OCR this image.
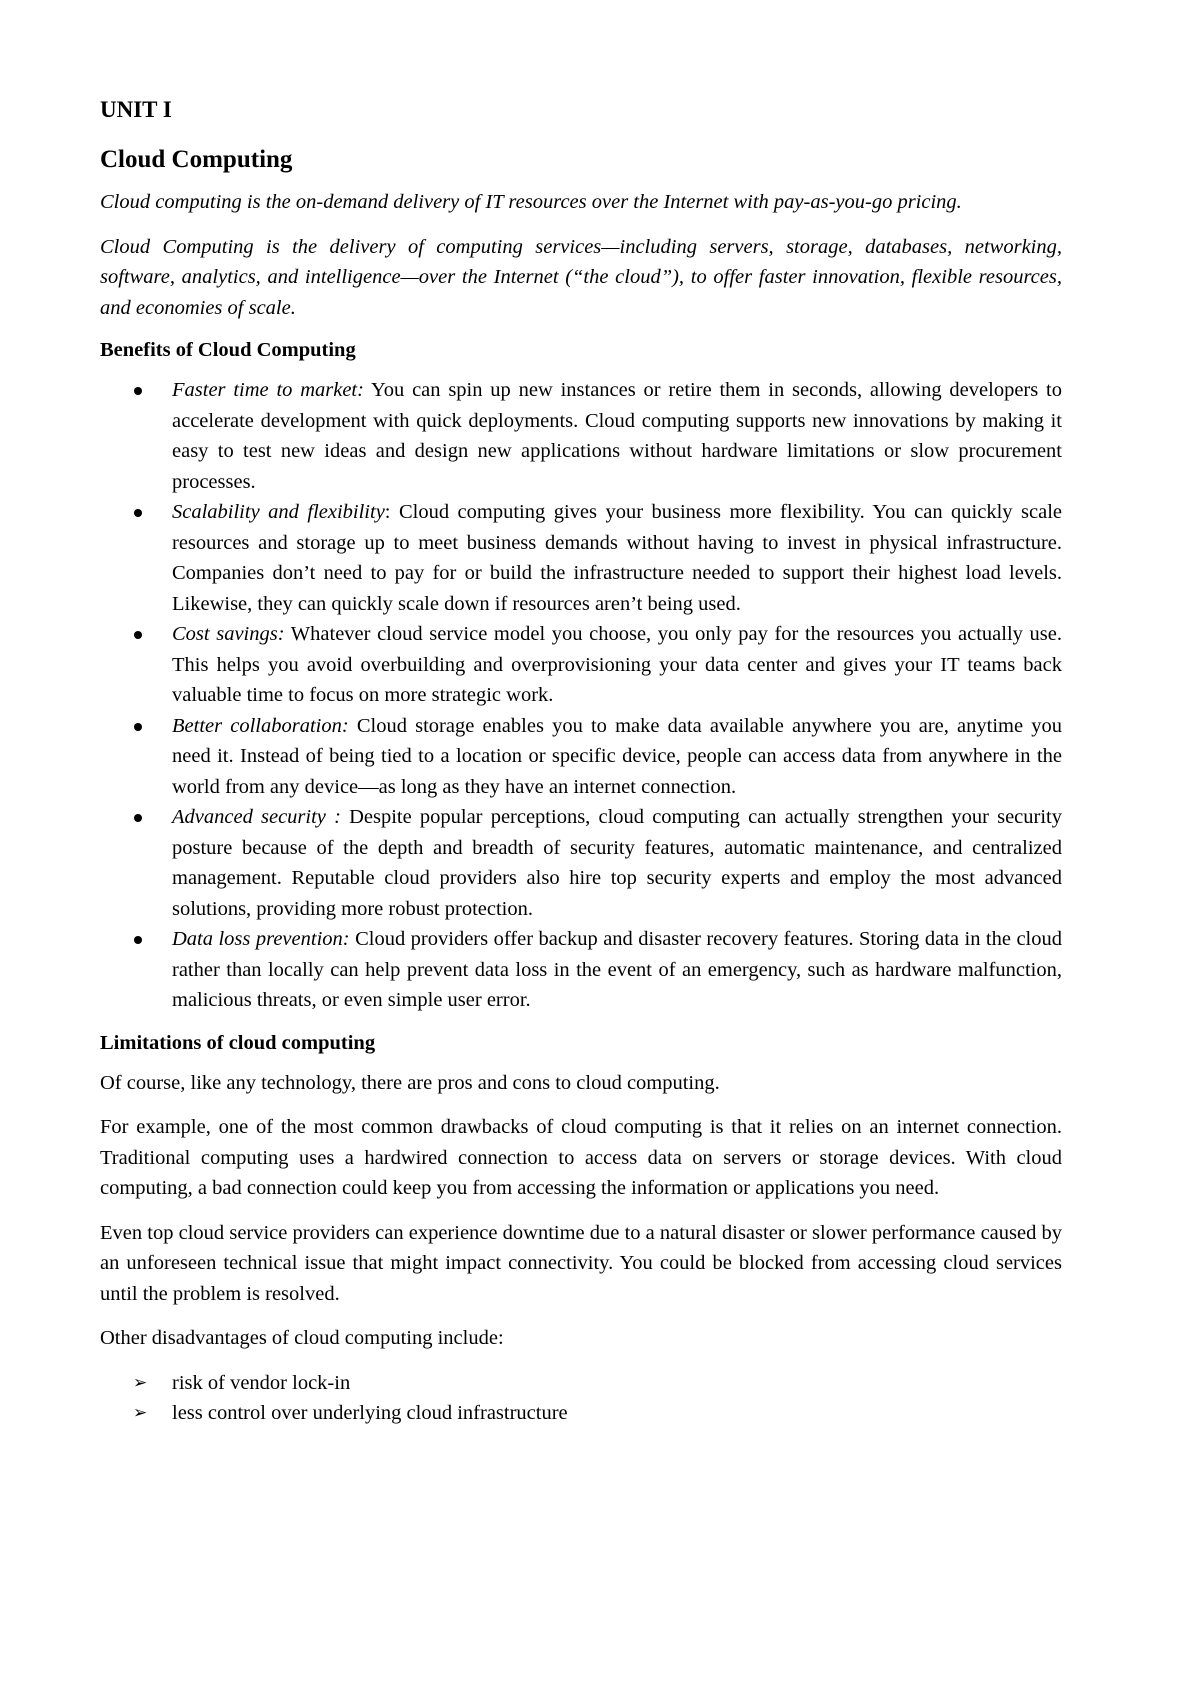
UNIT I
Cloud Computing

Cloud computing is the on-demand delivery of IT resources over the Internet with pay-as-you-go pricing.

Cloud Computing is the delivery of computing services—including servers, storage, databases, networking, software, analytics, and intelligence—over the Internet (“the cloud”), to offer faster innovation, flexible resources, and economies of scale.

Benefits of Cloud Computing
Faster time to market: You can spin up new instances or retire them in seconds, allowing developers to accelerate development with quick deployments. Cloud computing supports new innovations by making it easy to test new ideas and design new applications without hardware limitations or slow procurement processes.
Scalability and flexibility: Cloud computing gives your business more flexibility. You can quickly scale resources and storage up to meet business demands without having to invest in physical infrastructure. Companies don’t need to pay for or build the infrastructure needed to support their highest load levels. Likewise, they can quickly scale down if resources aren’t being used.
Cost savings: Whatever cloud service model you choose, you only pay for the resources you actually use. This helps you avoid overbuilding and overprovisioning your data center and gives your IT teams back valuable time to focus on more strategic work.
Better collaboration: Cloud storage enables you to make data available anywhere you are, anytime you need it. Instead of being tied to a location or specific device, people can access data from anywhere in the world from any device—as long as they have an internet connection.
Advanced security : Despite popular perceptions, cloud computing can actually strengthen your security posture because of the depth and breadth of security features, automatic maintenance, and centralized management. Reputable cloud providers also hire top security experts and employ the most advanced solutions, providing more robust protection.
Data loss prevention: Cloud providers offer backup and disaster recovery features. Storing data in the cloud rather than locally can help prevent data loss in the event of an emergency, such as hardware malfunction, malicious threats, or even simple user error.
Limitations of cloud computing

Of course, like any technology, there are pros and cons to cloud computing.

For example, one of the most common drawbacks of cloud computing is that it relies on an internet connection. Traditional computing uses a hardwired connection to access data on servers or storage devices. With cloud computing, a bad connection could keep you from accessing the information or applications you need.

Even top cloud service providers can experience downtime due to a natural disaster or slower performance caused by an unforeseen technical issue that might impact connectivity. You could be blocked from accessing cloud services until the problem is resolved.

Other disadvantages of cloud computing include:

➢ risk of vendor lock-in
➢ less control over underlying cloud infrastructure
